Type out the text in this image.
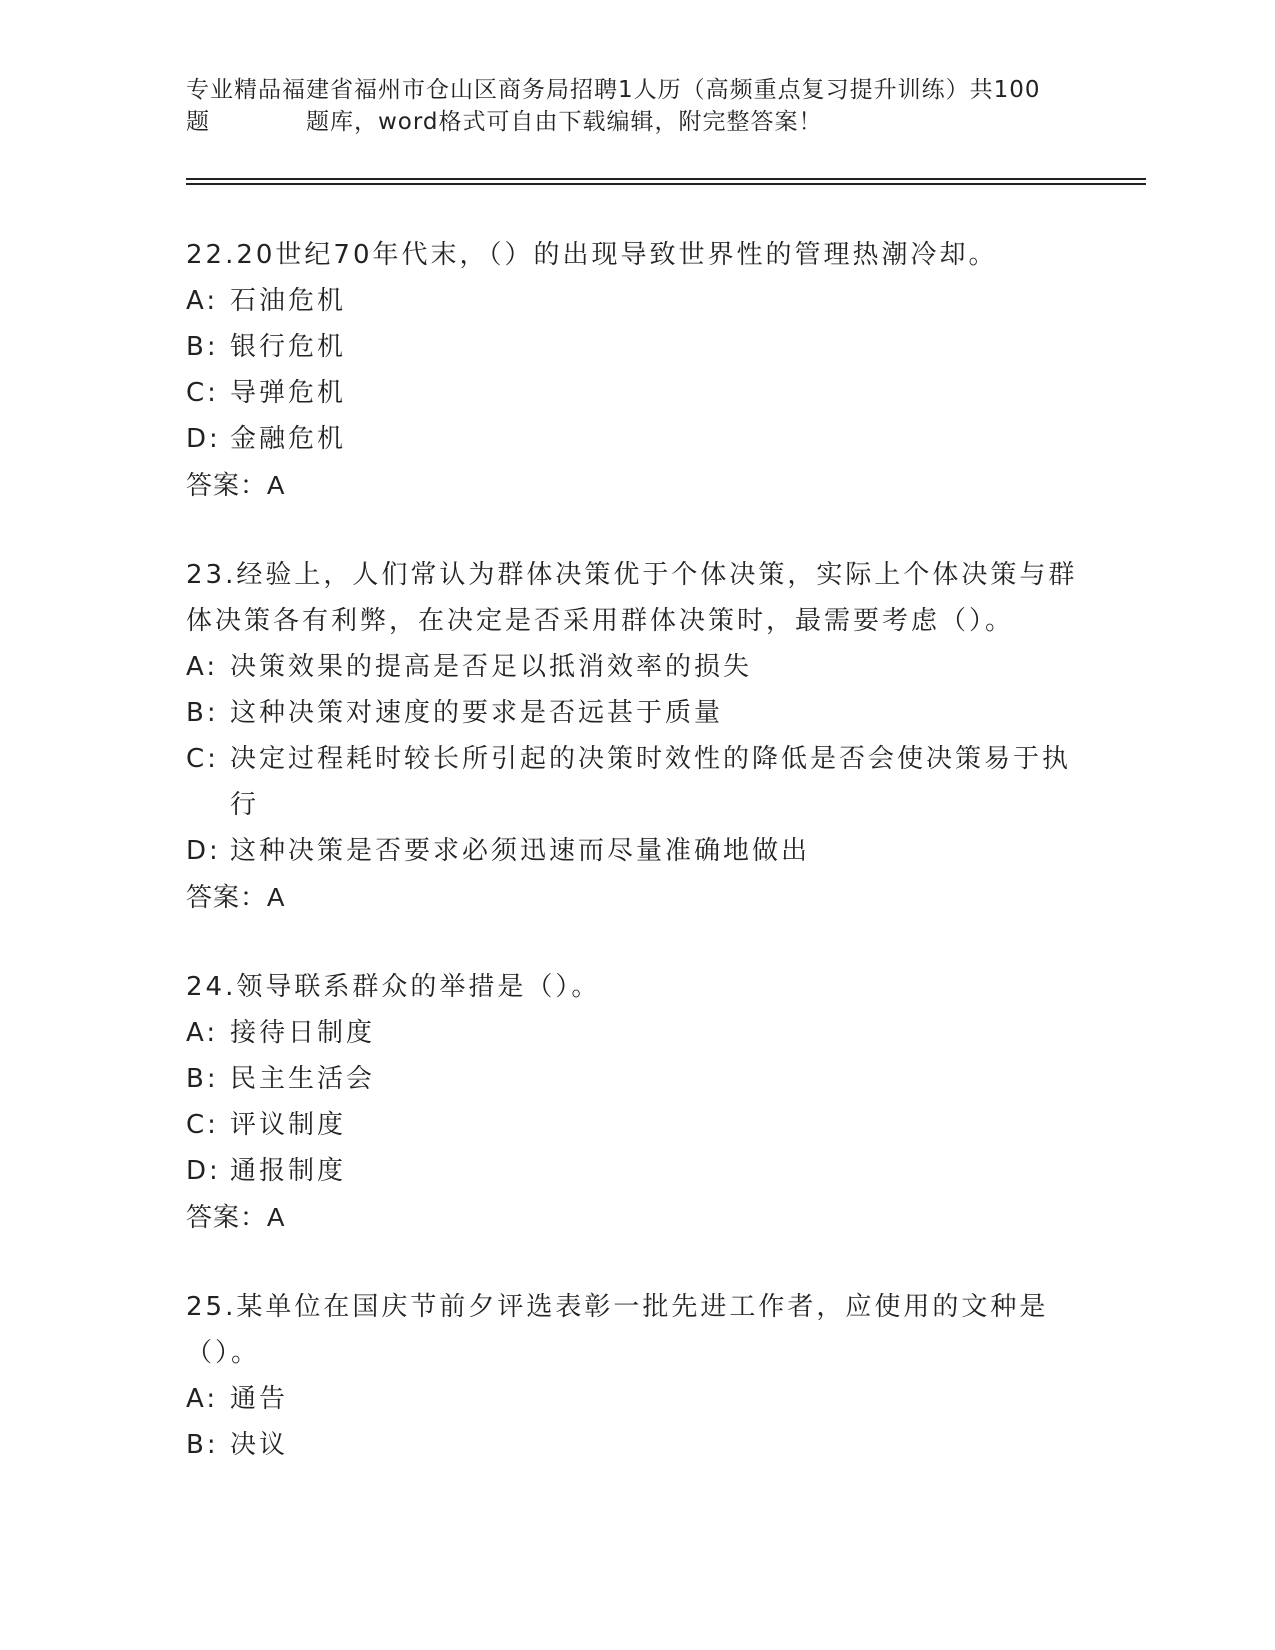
专业精品福建省福州市仓山区商务局招聘1人历（高频重点复习提升训练）共100
题	题库，word格式可自由下载编辑，附完整答案！

22.20世纪70年代末，（）的出现导致世界性的管理热潮冷却。

A: 石油危机
B: 银行危机
C: 导弹危机
D: 金融危机
答案：A

23.经验上，人们常认为群体决策优于个体决策，实际上个体决策与群体决策各有利弊，在决定是否采用群体决策时，最需要考虑（）。

A: 决策效果的提高是否足以抵消效率的损失
B: 这种决策对速度的要求是否远甚于质量
C: 决定过程耗时较长所引起的决策时效性的降低是否会使决策易于执行
D: 这种决策是否要求必须迅速而尽量准确地做出
答案：A

24.领导联系群众的举措是（）。

A: 接待日制度
B: 民主生活会
C: 评议制度
D: 通报制度
答案：A

25.某单位在国庆节前夕评选表彰一批先进工作者，应使用的文种是（）。

A: 通告
B: 决议
